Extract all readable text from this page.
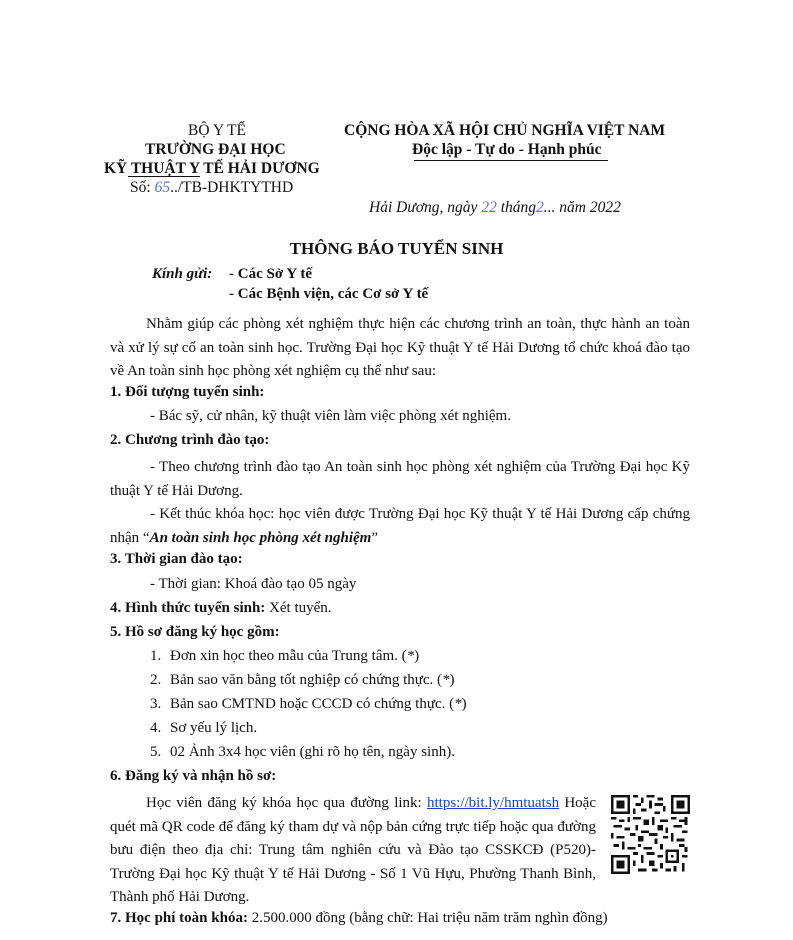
BỘ Y TẾ
TRƯỜNG ĐẠI HỌC
KỸ THUẬT Y TẾ HẢI DƯƠNG
Số: 65../TB-DHKTYTHD
CỘNG HÒA XÃ HỘI CHỦ NGHĨA VIỆT NAM
Độc lập - Tự do - Hạnh phúc
Hải Dương, ngày 22 tháng2... năm 2022
THÔNG BÁO TUYỂN SINH
Kính gửi: - Các Sở Y tế
- Các Bệnh viện, các Cơ sở Y tế
Nhằm giúp các phòng xét nghiệm thực hiện các chương trình an toàn, thực hành an toàn và xử lý sự cố an toàn sinh học. Trường Đại học Kỹ thuật Y tế Hải Dương tổ chức khoá đào tạo về An toàn sinh học phòng xét nghiệm cụ thể như sau:
1. Đối tượng tuyển sinh:
- Bác sỹ, cử nhân, kỹ thuật viên làm việc phòng xét nghiệm.
2. Chương trình đào tạo:
- Theo chương trình đào tạo An toàn sinh học phòng xét nghiệm của Trường Đại học Kỹ thuật Y tế Hải Dương.
- Kết thúc khóa học: học viên được Trường Đại học Kỹ thuật Y tế Hải Dương cấp chứng nhận “An toàn sinh học phòng xét nghiệm”
3. Thời gian đào tạo:
- Thời gian: Khoá đào tạo 05 ngày
4. Hình thức tuyển sinh: Xét tuyển.
5. Hồ sơ đăng ký học gồm:
1. Đơn xin học theo mẫu của Trung tâm. (*)
2. Bản sao văn bằng tốt nghiệp có chứng thực. (*)
3. Bản sao CMTND hoặc CCCD có chứng thực. (*)
4. Sơ yếu lý lịch.
5. 02 Ảnh 3x4 học viên (ghi rõ họ tên, ngày sinh).
6. Đăng ký và nhận hồ sơ:
Học viên đăng ký khóa học qua đường link: https://bit.ly/hmtuatsh Hoặc quét mã QR code để đăng ký tham dự và nộp bản cứng trực tiếp hoặc qua đường bưu điện theo địa chỉ: Trung tâm nghiên cứu và Đào tạo CSSKCĐ (P520)- Trường Đại học Kỹ thuật Y tế Hải Dương - Số 1 Vũ Hựu, Phường Thanh Bình, Thành phố Hải Dương.
7. Học phí toàn khóa: 2.500.000 đồng (bằng chữ: Hai triệu năm trăm nghìn đồng)
